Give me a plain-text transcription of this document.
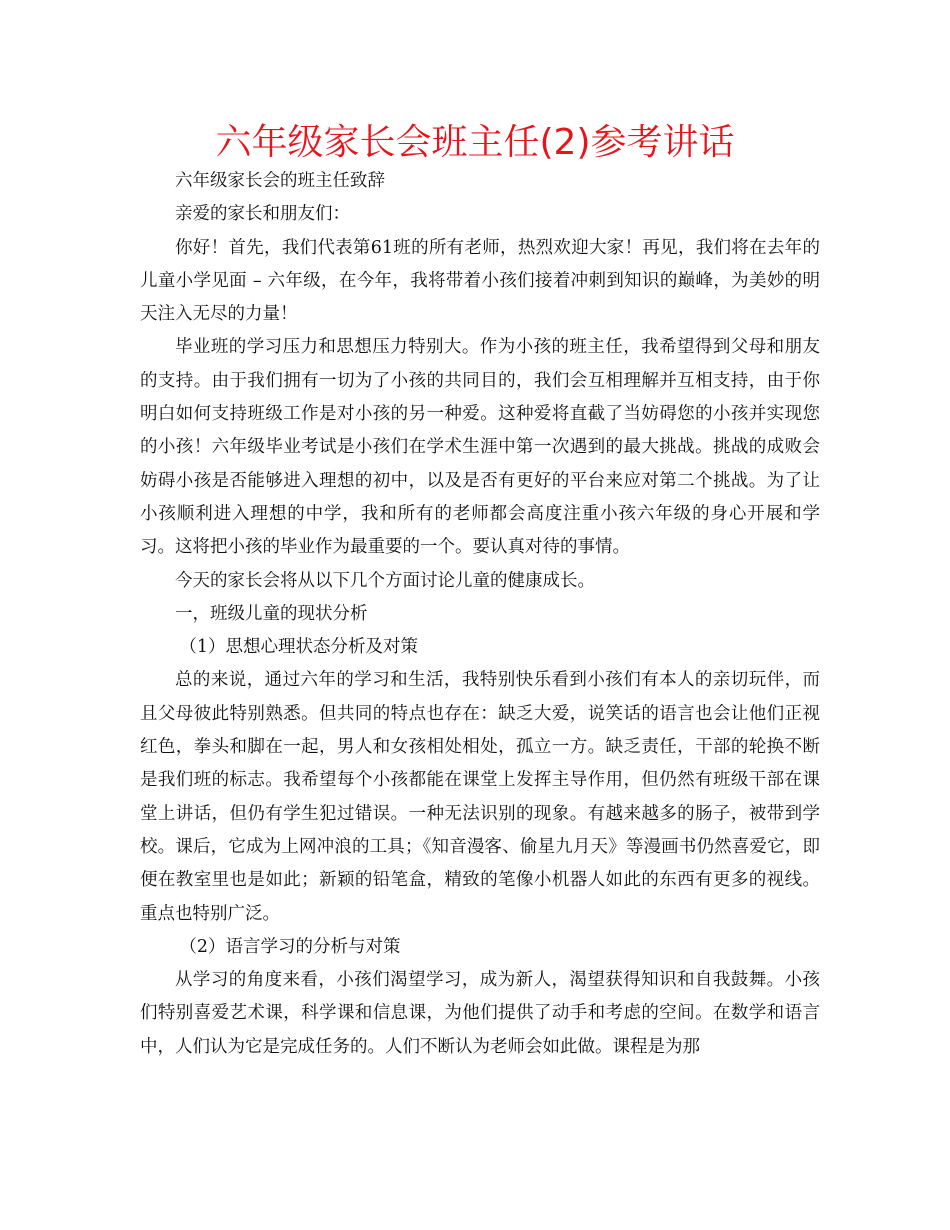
六年级家长会班主任(2)参考讲话

六年级家长会的班主任致辞

亲爱的家长和朋友们：

你好！首先，我们代表第61班的所有老师，热烈欢迎大家！再见，我们将在去年的儿童小学见面 – 六年级，在今年，我将带着小孩们接着冲刺到知识的巅峰，为美妙的明天注入无尽的力量！

毕业班的学习压力和思想压力特别大。作为小孩的班主任，我希望得到父母和朋友的支持。由于我们拥有一切为了小孩的共同目的，我们会互相理解并互相支持，由于你明白如何支持班级工作是对小孩的另一种爱。这种爱将直截了当妨碍您的小孩并实现您的小孩！六年级毕业考试是小孩们在学术生涯中第一次遇到的最大挑战。挑战的成败会妨碍小孩是否能够进入理想的初中，以及是否有更好的平台来应对第二个挑战。为了让小孩顺利进入理想的中学，我和所有的老师都会高度注重小孩六年级的身心开展和学习。这将把小孩的毕业作为最重要的一个。要认真对待的事情。

今天的家长会将从以下几个方面讨论儿童的健康成长。

一，班级儿童的现状分析

（1）思想心理状态分析及对策

总的来说，通过六年的学习和生活，我特别快乐看到小孩们有本人的亲切玩伴，而且父母彼此特别熟悉。但共同的特点也存在：缺乏大爱，说笑话的语言也会让他们正视红色，拳头和脚在一起，男人和女孩相处相处，孤立一方。缺乏责任，干部的轮换不断是我们班的标志。我希望每个小孩都能在课堂上发挥主导作用，但仍然有班级干部在课堂上讲话，但仍有学生犯过错误。一种无法识别的现象。有越来越多的肠子，被带到学校。课后，它成为上网冲浪的工具；《知音漫客、偷星九月天》等漫画书仍然喜爱它，即便在教室里也是如此；新颖的铅笔盒，精致的笔像小机器人如此的东西有更多的视线。重点也特别广泛。

（2）语言学习的分析与对策

从学习的角度来看，小孩们渴望学习，成为新人，渴望获得知识和自我鼓舞。小孩们特别喜爱艺术课，科学课和信息课，为他们提供了动手和考虑的空间。在数学和语言中，人们认为它是完成任务的。人们不断认为老师会如此做。课程是为那
